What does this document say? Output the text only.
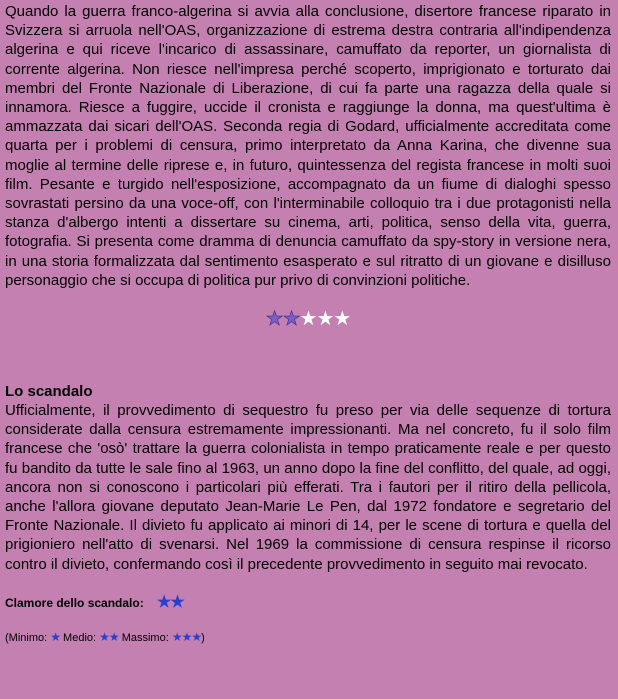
Quando la guerra franco-algerina si avvia alla conclusione, disertore francese riparato in Svizzera si arruola nell'OAS, organizzazione di estrema destra contraria all'indipendenza algerina e qui riceve l'incarico di assassinare, camuffato da reporter, un giornalista di corrente algerina. Non riesce nell'impresa perché scoperto, imprigionato e torturato dai membri del Fronte Nazionale di Liberazione, di cui fa parte una ragazza della quale si innamora. Riesce a fuggire, uccide il cronista e raggiunge la donna, ma quest'ultima è ammazzata dai sicari dell'OAS. Seconda regia di Godard, ufficialmente accreditata come quarta per i problemi di censura, primo interpretato da Anna Karina, che divenne sua moglie al termine delle riprese e, in futuro, quintessenza del regista francese in molti suoi film. Pesante e turgido nell'esposizione, accompagnato da un fiume di dialoghi spesso sovrastati persino da una voce-off, con l'interminabile colloquio tra i due protagonisti nella stanza d'albergo intenti a dissertare su cinema, arti, politica, senso della vita, guerra, fotografia. Si presenta come dramma di denuncia camuffato da spy-story in versione nera, in una storia formalizzata dal sentimento esasperato e sul ritratto di un giovane e disilluso personaggio che si occupa di politica pur privo di convinzioni politiche.

★★★★★
Lo scandalo

Ufficialmente, il provvedimento di sequestro fu preso per via delle sequenze di tortura considerate dalla censura estremamente impressionanti. Ma nel concreto, fu il solo film francese che 'osò' trattare la guerra colonialista in tempo praticamente reale e per questo fu bandito da tutte le sale fino al 1963, un anno dopo la fine del conflitto, del quale, ad oggi, ancora non si conoscono i particolari più efferati. Tra i fautori per il ritiro della pellicola, anche l'allora giovane deputato Jean-Marie Le Pen, dal 1972 fondatore e segretario del Fronte Nazionale. Il divieto fu applicato ai minori di 14, per le scene di tortura e quella del prigioniero nell'atto di svenarsi. Nel 1969 la commissione di censura respinse il ricorso contro il divieto, confermando così il precedente provvedimento in seguito mai revocato.

Clamore dello scandalo: ★★
(Minimo: ★ Medio: ★★ Massimo: ★★★)
